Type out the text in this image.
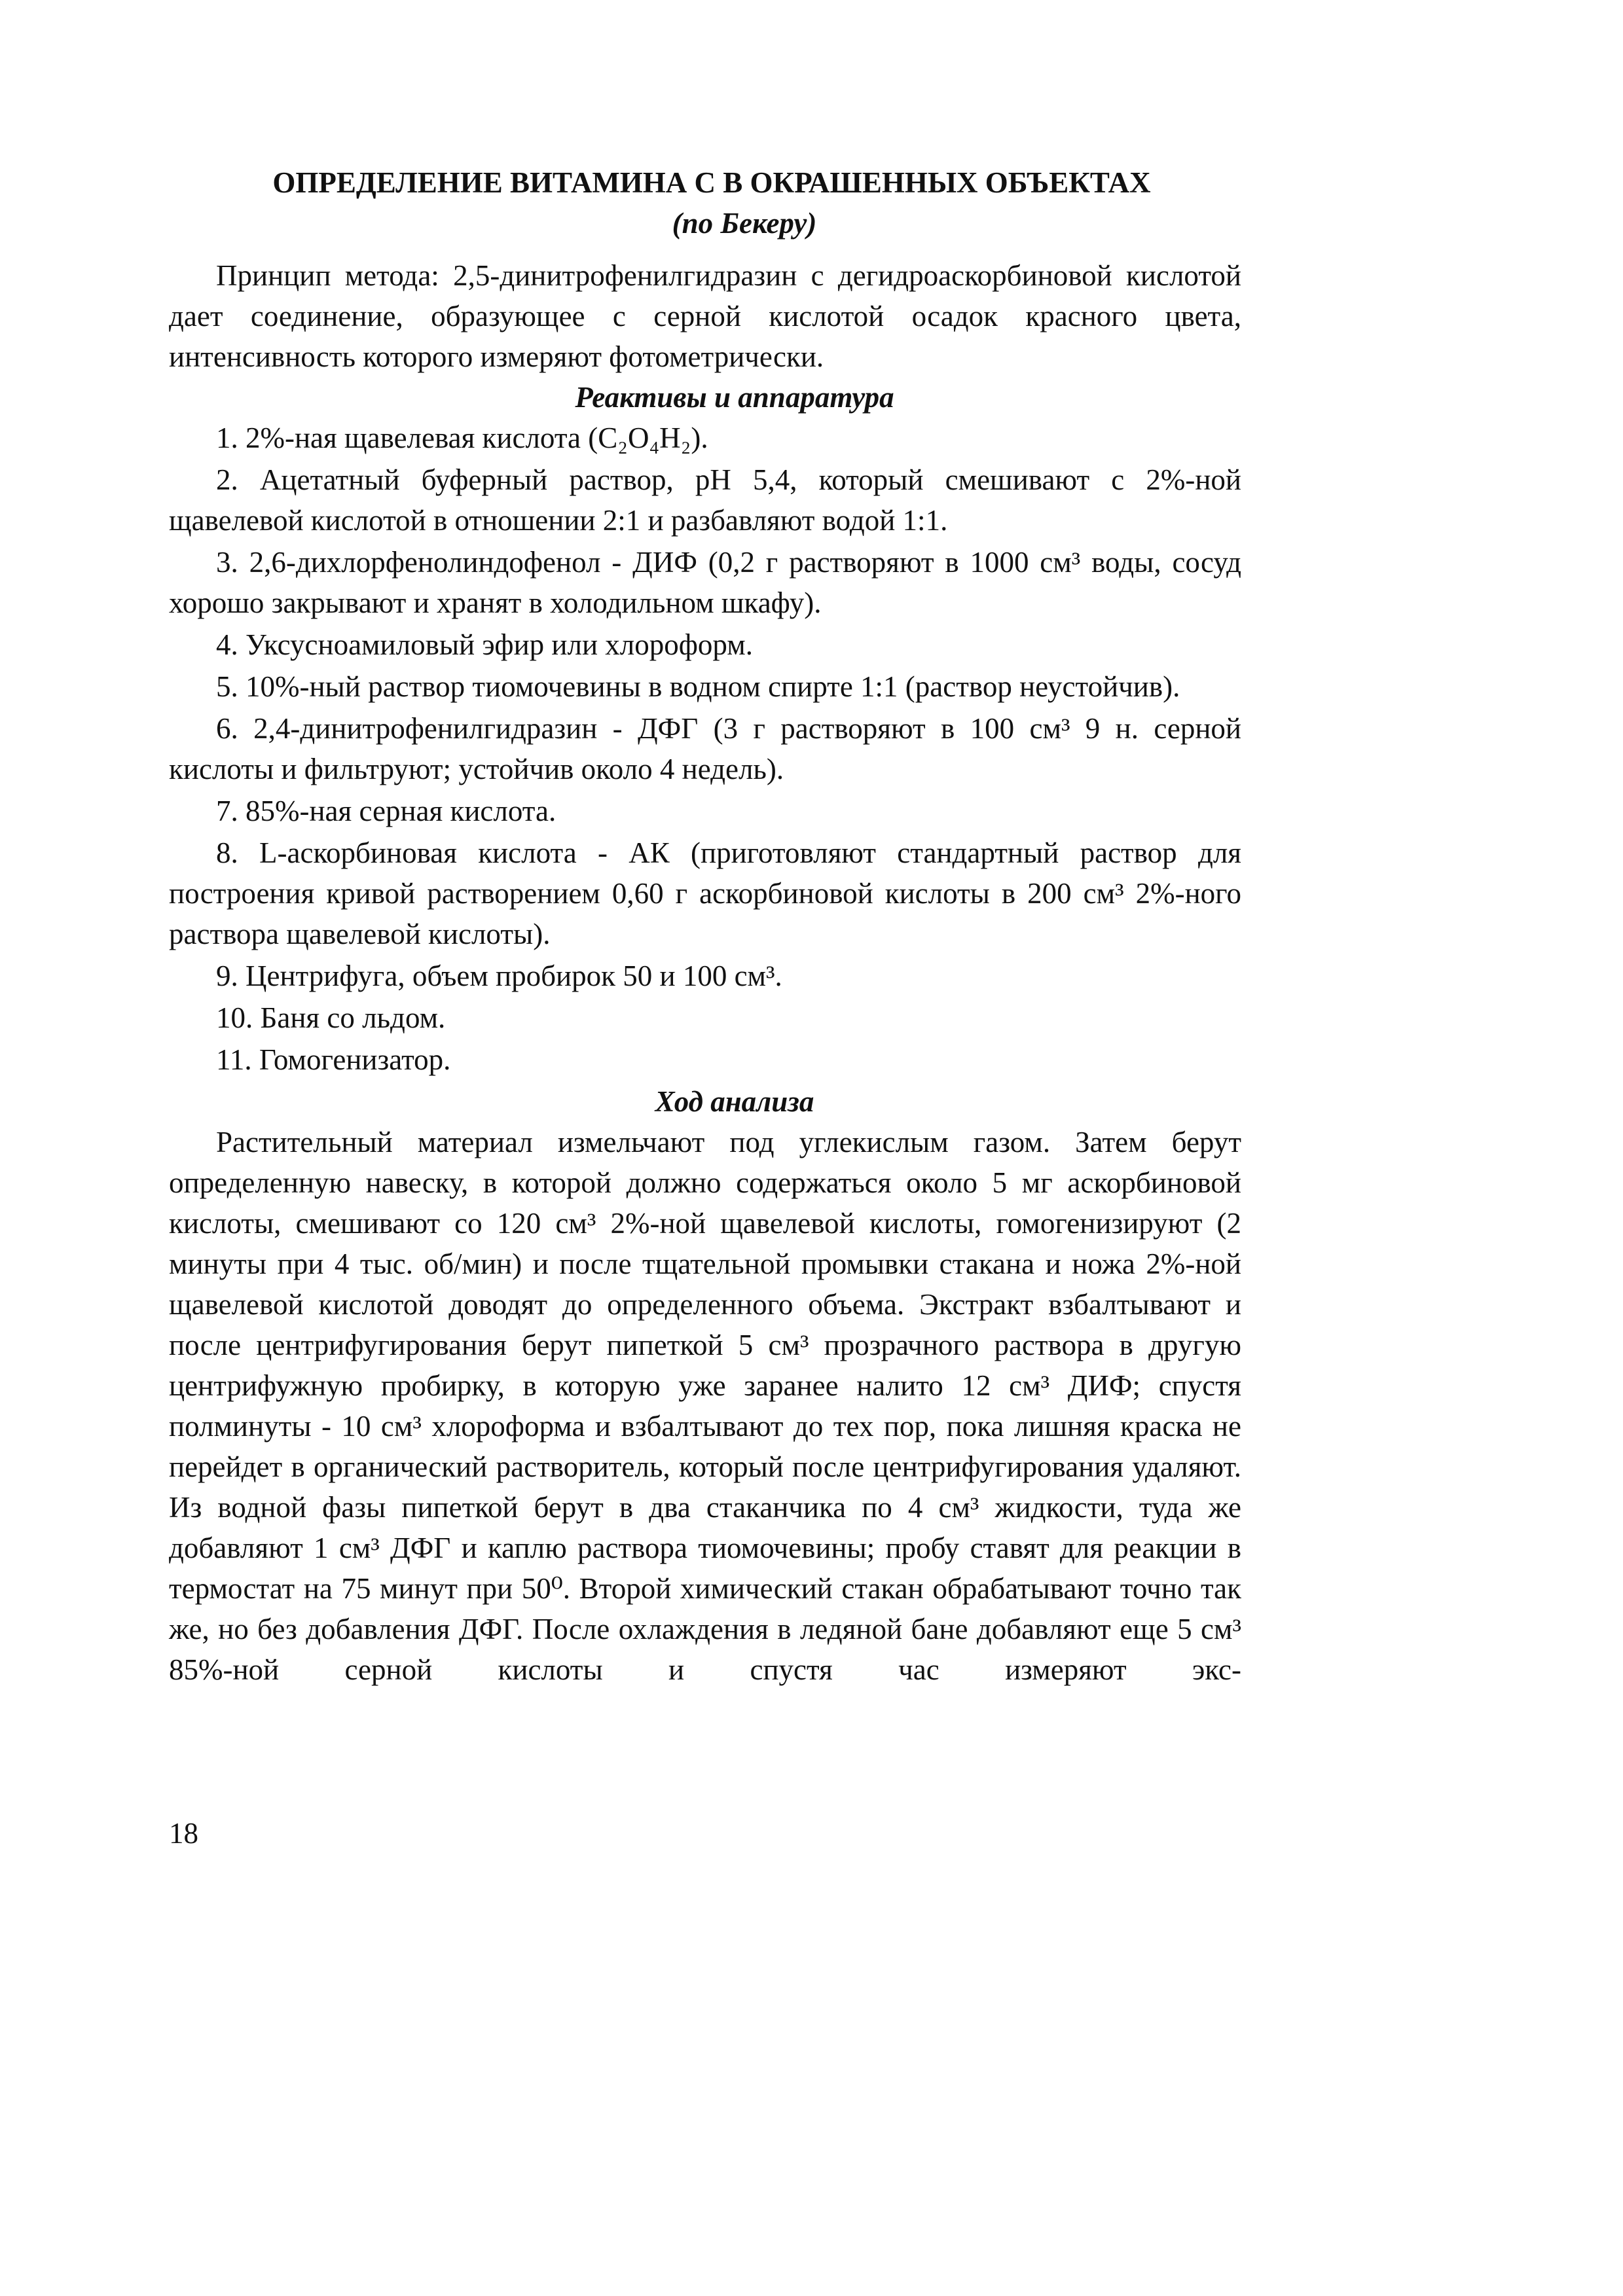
ОПРЕДЕЛЕНИЕ ВИТАМИНА C В ОКРАШЕННЫХ ОБЪЕКТАХ
(по Бекеру)

Принцип метода: 2,5-динитрофенилгидразин с дегидроаскорбиновой кислотой дает соединение, образующее с серной кислотой осадок красного цвета, интенсивность которого измеряют фотометрически.

Реактивы и аппаратура

1. 2%-ная щавелевая кислота (C₂O₄H₂).

2. Ацетатный буферный раствор, pH 5,4, который смешивают с 2%-ной щавелевой кислотой в отношении 2:1 и разбавляют водой 1:1.

3. 2,6-дихлорфенолиндофенол - ДИФ (0,2 г растворяют в 1000 см³ воды, сосуд хорошо закрывают и хранят в холодильном шкафу).

4. Уксусноамиловый эфир или хлороформ.

5. 10%-ный раствор тиомочевины в водном спирте 1:1 (раствор неустойчив).

6. 2,4-динитрофенилгидразин - ДФГ (3 г растворяют в 100 см³ 9 н. серной кислоты и фильтруют; устойчив около 4 недель).

7. 85%-ная серная кислота.

8. L-аскорбиновая кислота - АК (приготовляют стандартный раствор для построения кривой растворением 0,60 г аскорбиновой кислоты в 200 см³ 2%-ного раствора щавелевой кислоты).

9. Центрифуга, объем пробирок 50 и 100 см³.

10. Баня со льдом.

11. Гомогенизатор.

Ход анализа

Растительный материал измельчают под углекислым газом. Затем берут определенную навеску, в которой должно содержаться около 5 мг аскорбиновой кислоты, смешивают со 120 см³ 2%-ной щавелевой кислоты, гомогенизируют (2 минуты при 4 тыс. об/мин) и после тщательной промывки стакана и ножа 2%-ной щавелевой кислотой доводят до определенного объема. Экстракт взбалтывают и после центрифугирования берут пипеткой 5 см³ прозрачного раствора в другую центрифужную пробирку, в которую уже заранее налито 12 см³ ДИФ; спустя полминуты - 10 см³ хлороформа и взбалтывают до тех пор, пока лишняя краска не перейдет в органический растворитель, который после центрифугирования удаляют. Из водной фазы пипеткой берут в два стаканчика по 4 см³ жидкости, туда же добавляют 1 см³ ДФГ и каплю раствора тиомочевины; пробу ставят для реакции в термостат на 75 минут при 50⁰. Второй химический стакан обрабатывают точно так же, но без добавления ДФГ. После охлаждения в ледяной бане добавляют еще 5 см³ 85%-ной серной кислоты и спустя час измеряют экс-

18
